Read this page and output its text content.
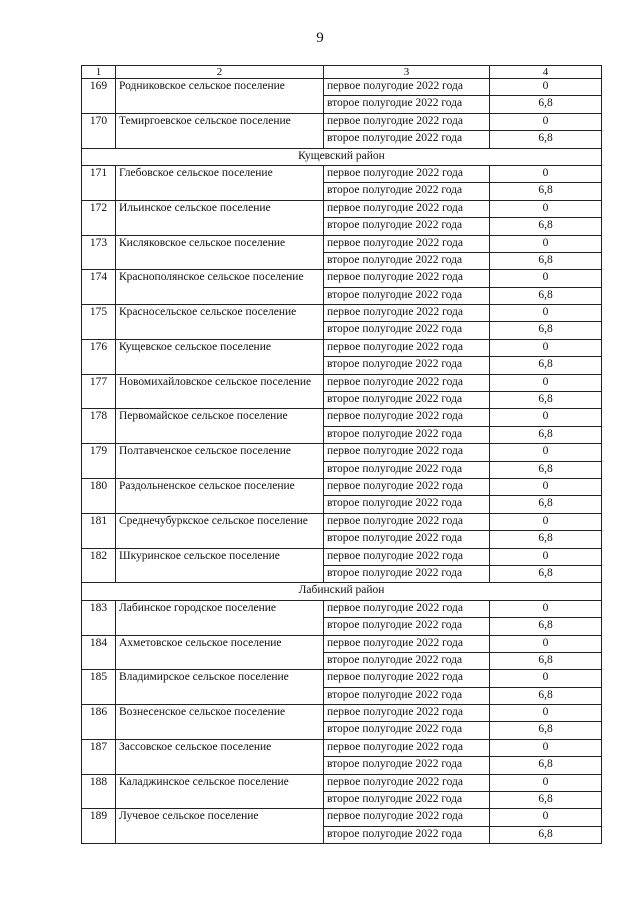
9
1	2	3	4
169	Родниковское сельское поселение	первое полугодие 2022 года	0
		второе полугодие 2022 года	6,8
170	Темиргоевское сельское поселение	первое полугодие 2022 года	0
		второе полугодие 2022 года	6,8
Кущевский район			
171	Глебовское сельское поселение	первое полугодие 2022 года	0
		второе полугодие 2022 года	6,8
172	Ильинское сельское поселение	первое полугодие 2022 года	0
		второе полугодие 2022 года	6,8
173	Кисляковское сельское поселение	первое полугодие 2022 года	0
		второе полугодие 2022 года	6,8
174	Краснополянское сельское поселение	первое полугодие 2022 года	0
		второе полугодие 2022 года	6,8
175	Красносельское сельское поселение	первое полугодие 2022 года	0
		второе полугодие 2022 года	6,8
176	Кущевское сельское поселение	первое полугодие 2022 года	0
		второе полугодие 2022 года	6,8
177	Новомихайловское сельское поселение	первое полугодие 2022 года	0
		второе полугодие 2022 года	6,8
178	Первомайское сельское поселение	первое полугодие 2022 года	0
		второе полугодие 2022 года	6,8
179	Полтавченское сельское поселение	первое полугодие 2022 года	0
		второе полугодие 2022 года	6,8
180	Раздольненское сельское поселение	первое полугодие 2022 года	0
		второе полугодие 2022 года	6,8
181	Среднечубуркское сельское поселение	первое полугодие 2022 года	0
		второе полугодие 2022 года	6,8
182	Шкуринское сельское поселение	первое полугодие 2022 года	0
		второе полугодие 2022 года	6,8
Лабинский район			
183	Лабинское городское поселение	первое полугодие 2022 года	0
		второе полугодие 2022 года	6,8
184	Ахметовское сельское поселение	первое полугодие 2022 года	0
		второе полугодие 2022 года	6,8
185	Владимирское сельское поселение	первое полугодие 2022 года	0
		второе полугодие 2022 года	6,8
186	Вознесенское сельское поселение	первое полугодие 2022 года	0
		второе полугодие 2022 года	6,8
187	Зассовское сельское поселение	первое полугодие 2022 года	0
		второе полугодие 2022 года	6,8
188	Каладжинское сельское поселение	первое полугодие 2022 года	0
		второе полугодие 2022 года	6,8
189	Лучевое сельское поселение	первое полугодие 2022 года	0
		второе полугодие 2022 года	6,8
